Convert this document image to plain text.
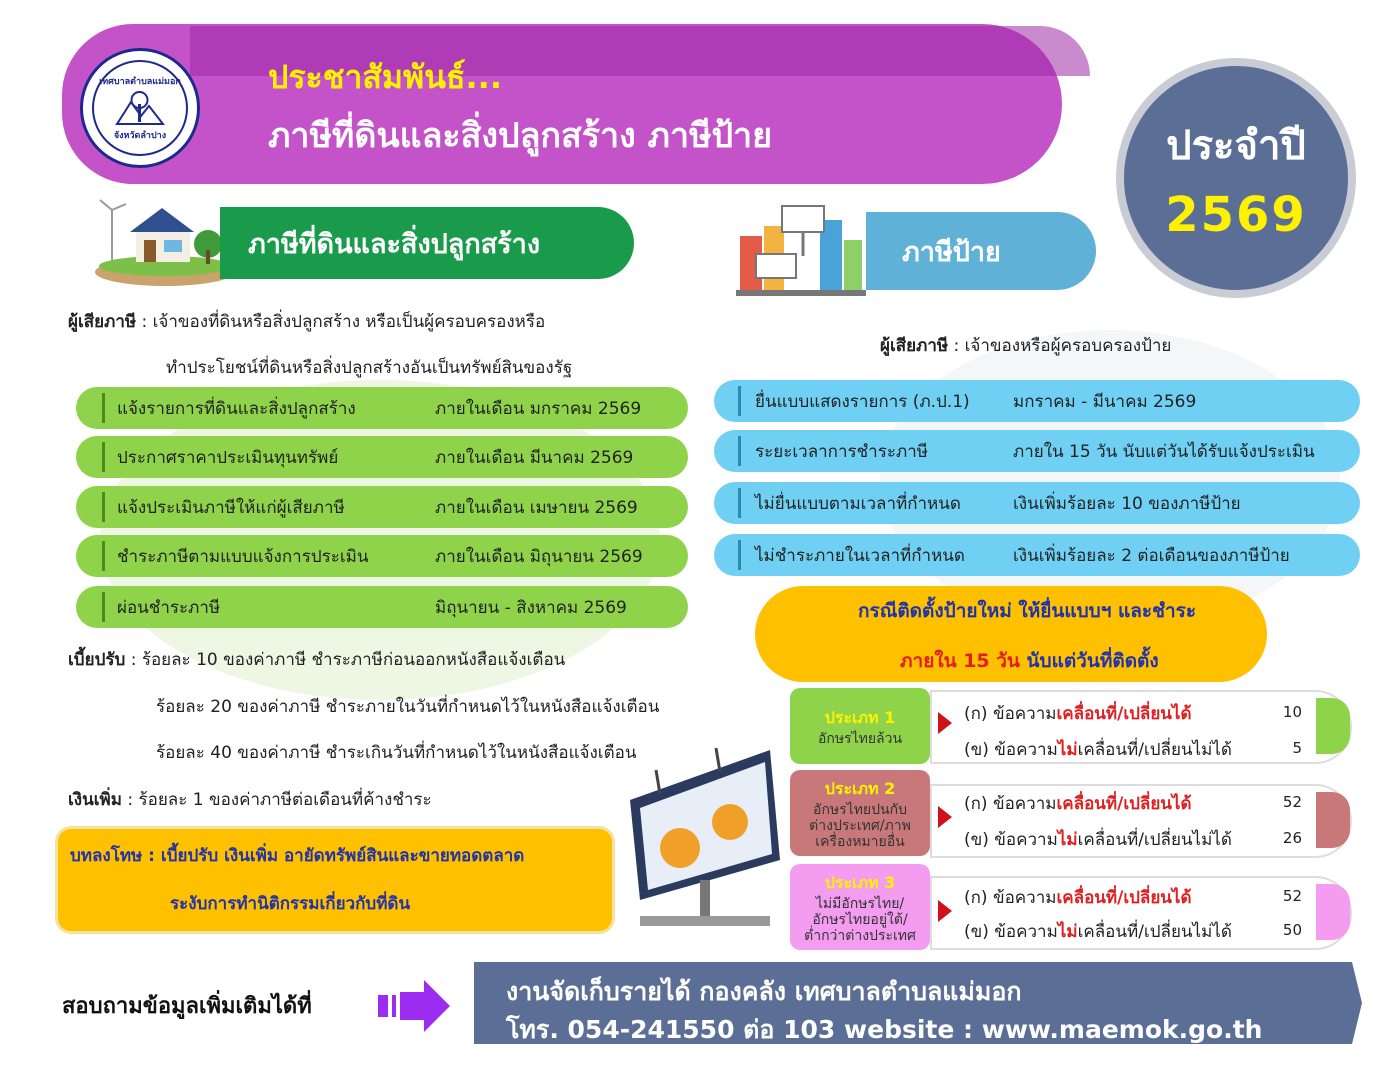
เทศบาลตำบลแม่มอก
จังหวัดลำปาง
ประชาสัมพันธ์...
ภาษีที่ดินและสิ่งปลูกสร้าง ภาษีป้าย	ประจำปี
2569
ภาษีที่ดินและสิ่งปลูกสร้าง	ภาษีป้าย
ผู้เสียภาษี : เจ้าของที่ดินหรือสิ่งปลูกสร้าง หรือเป็นผู้ครอบครองหรือ
ทำประโยชน์ที่ดินหรือสิ่งปลูกสร้างอันเป็นทรัพย์สินของรัฐ
แจ้งรายการที่ดินและสิ่งปลูกสร้าง	ภายในเดือน มกราคม 2569
ประกาศราคาประเมินทุนทรัพย์	ภายในเดือน มีนาคม 2569
แจ้งประเมินภาษีให้แก่ผู้เสียภาษี	ภายในเดือน เมษายน 2569
ชำระภาษีตามแบบแจ้งการประเมิน	ภายในเดือน มิถุนายน 2569
ผ่อนชำระภาษี	มิถุนายน - สิงหาคม 2569
เบี้ยปรับ : ร้อยละ 10 ของค่าภาษี ชำระภาษีก่อนออกหนังสือแจ้งเตือน
ร้อยละ 20 ของค่าภาษี ชำระภายในวันที่กำหนดไว้ในหนังสือแจ้งเตือน
ร้อยละ 40 ของค่าภาษี ชำระเกินวันที่กำหนดไว้ในหนังสือแจ้งเตือน
เงินเพิ่ม : ร้อยละ 1 ของค่าภาษีต่อเดือนที่ค้างชำระ
บทลงโทษ : เบี้ยปรับ เงินเพิ่ม อายัดทรัพย์สินและขายทอดตลาด
ระงับการทำนิติกรรมเกี่ยวกับที่ดิน
ผู้เสียภาษี : เจ้าของหรือผู้ครอบครองป้าย
ยื่นแบบแสดงรายการ (ภ.ป.1)	มกราคม - มีนาคม 2569
ระยะเวลาการชำระภาษี	ภายใน 15 วัน นับแต่วันได้รับแจ้งประเมิน
ไม่ยื่นแบบตามเวลาที่กำหนด	เงินเพิ่มร้อยละ 10 ของภาษีป้าย
ไม่ชำระภายในเวลาที่กำหนด	เงินเพิ่มร้อยละ 2 ต่อเดือนของภาษีป้าย
กรณีติดตั้งป้ายใหม่ ให้ยื่นแบบฯ และชำระ
ภายใน 15 วัน นับแต่วันที่ติดตั้ง
ประเภท 1
อักษรไทยล้วน
(ก) ข้อความเคลื่อนที่/เปลี่ยนได้	10
(ข) ข้อความไม่เคลื่อนที่/เปลี่ยนไม่ได้	5
ประเภท 2
อักษรไทยปนกับ
ต่างประเทศ/ภาพ
เครื่องหมายอื่น
(ก) ข้อความเคลื่อนที่/เปลี่ยนได้	52
(ข) ข้อความไม่เคลื่อนที่/เปลี่ยนไม่ได้	26
ประเภท 3
ไม่มีอักษรไทย/
อักษรไทยอยู่ใต้/
ต่ำกว่าต่างประเทศ
(ก) ข้อความเคลื่อนที่/เปลี่ยนได้	52
(ข) ข้อความไม่เคลื่อนที่/เปลี่ยนไม่ได้	50
สอบถามข้อมูลเพิ่มเติมได้ที่
งานจัดเก็บรายได้ กองคลัง เทศบาลตำบลแม่มอก
โทร. 054-241550 ต่อ 103 website : www.maemok.go.th
